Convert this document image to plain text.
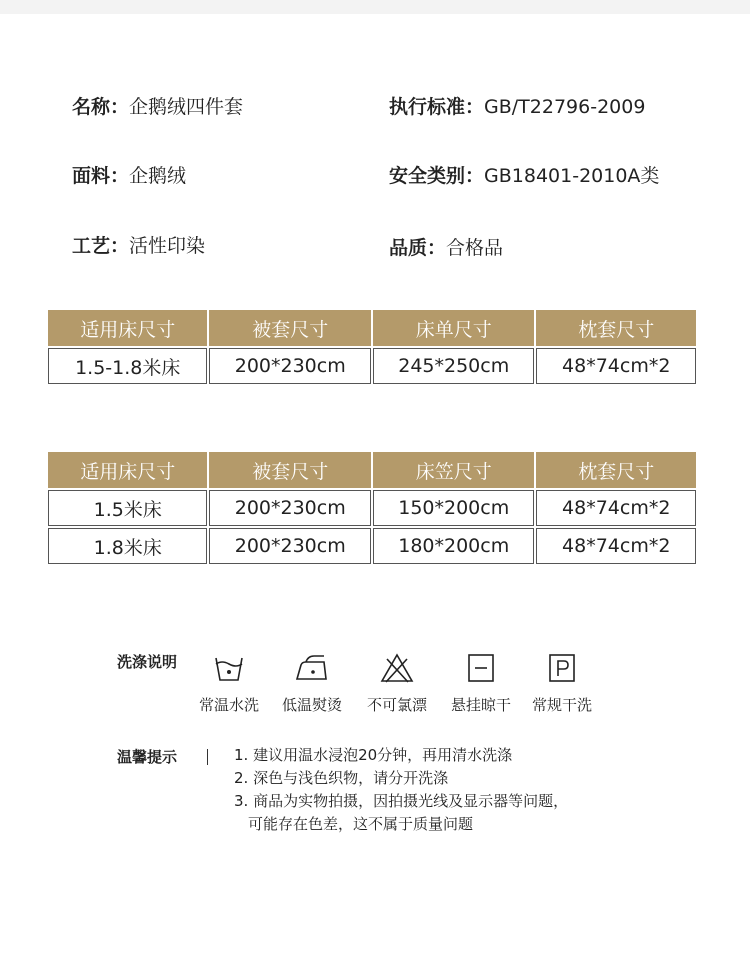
名称：企鹅绒四件套	执行标准：GB/T22796-2009
面料：企鹅绒	安全类别：GB18401-2010A类
工艺：活性印染	品质：合格品
适用床尺寸	被套尺寸	床单尺寸	枕套尺寸
1.5-1.8米床	200*230cm	245*250cm	48*74cm*2
适用床尺寸	被套尺寸	床笠尺寸	枕套尺寸
1.5米床	200*230cm	150*200cm	48*74cm*2
1.8米床	200*230cm	180*200cm	48*74cm*2
洗涤说明
常温水洗	低温熨烫	不可氯漂	悬挂晾干	常规干洗
温馨提示	1. 建议用温水浸泡20分钟，再用清水洗涤
2. 深色与浅色织物，请分开洗涤
3. 商品为实物拍摄，因拍摄光线及显示器等问题，
可能存在色差，这不属于质量问题
